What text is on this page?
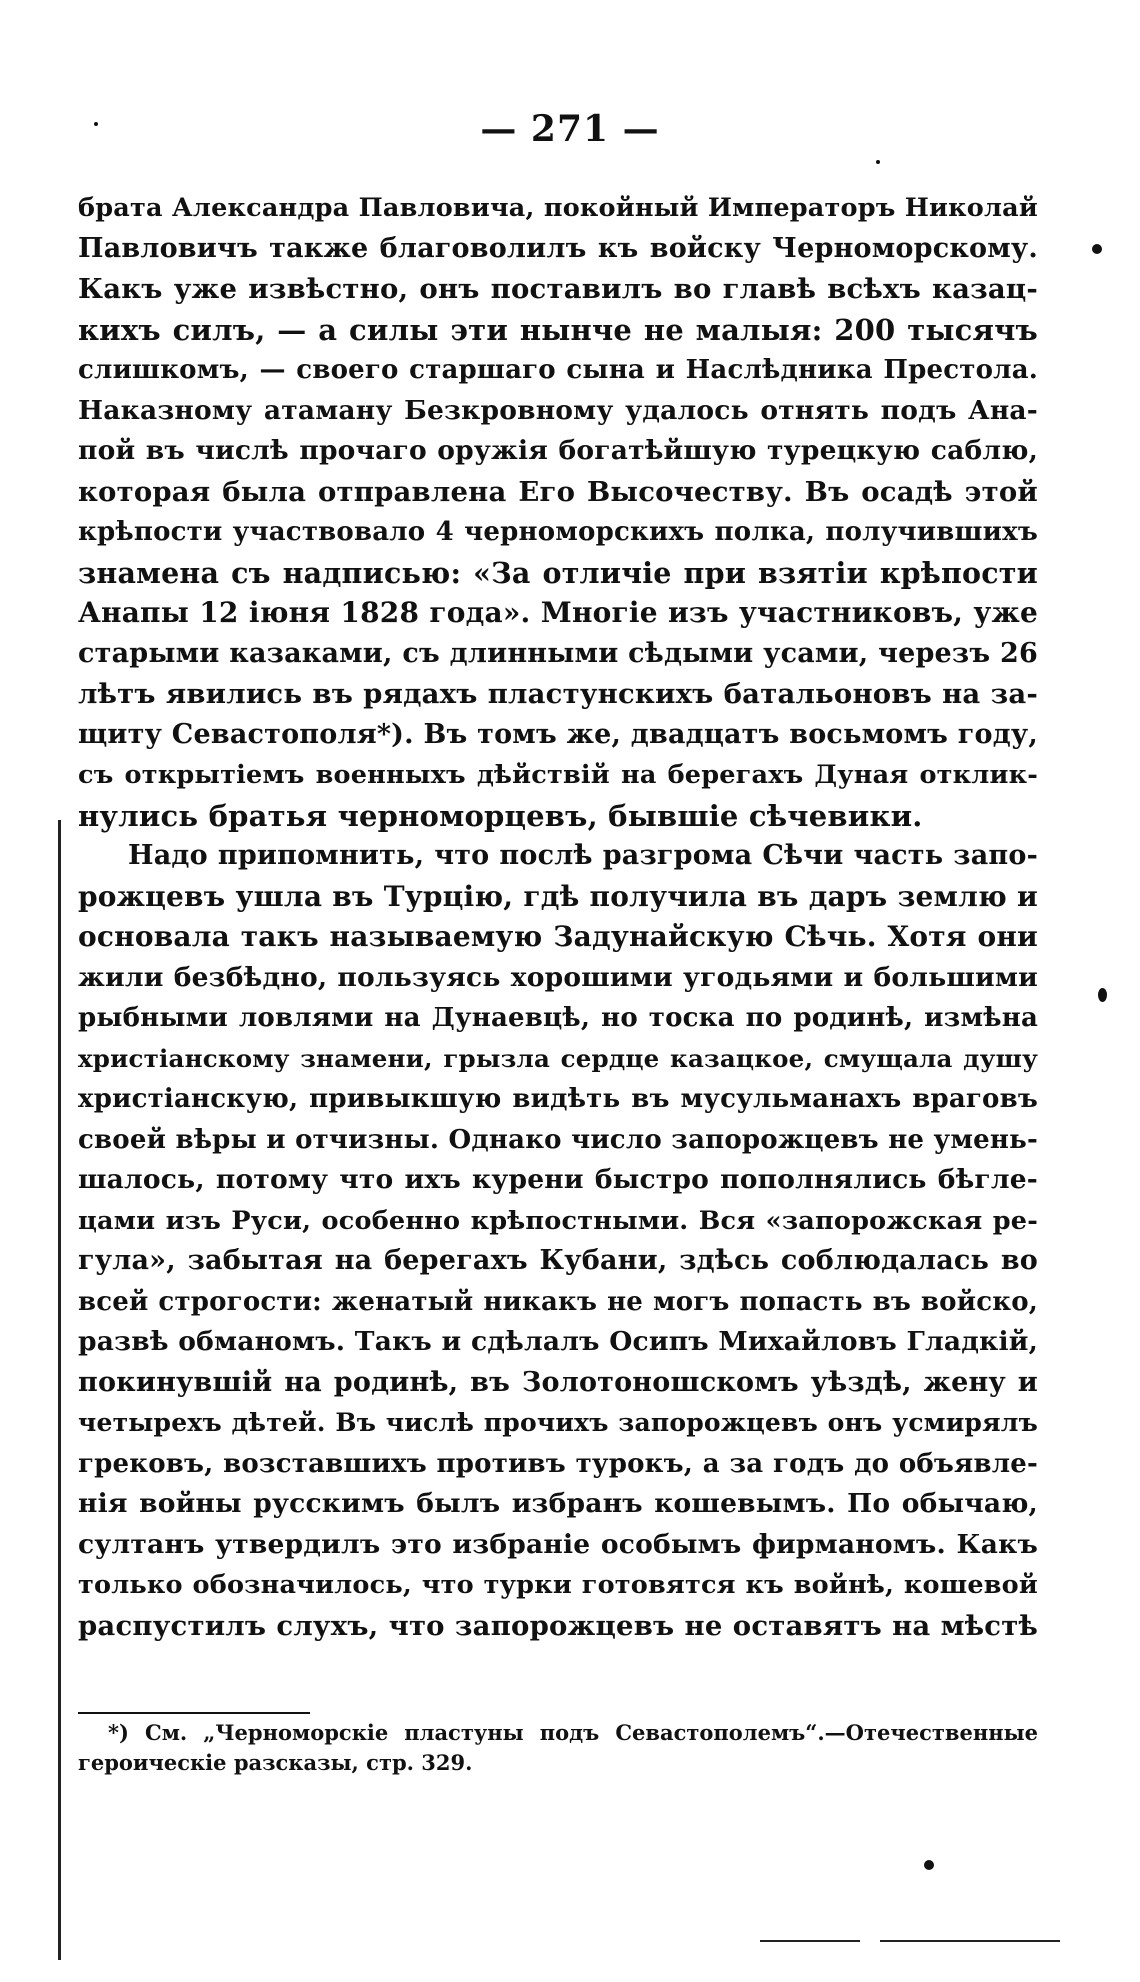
— 271 —
брата Александра Павловича, покойный Императоръ Николай
Павловичъ также благоволилъ къ войску Черноморскому.
Какъ уже извѣстно, онъ поставилъ во главѣ всѣхъ казац-
кихъ силъ, — а силы эти нынче не малыя: 200 тысячъ
слишкомъ, — своего старшаго сына и Наслѣдника Престола.
Наказному атаману Безкровному удалось отнять подъ Ана-
пой въ числѣ прочаго оружія богатѣйшую турецкую саблю,
которая была отправлена Его Высочеству. Въ осадѣ этой
крѣпости участвовало 4 черноморскихъ полка, получившихъ
знамена съ надписью: «За отличіе при взятіи крѣпости
Анапы 12 іюня 1828 года». Многіе изъ участниковъ, уже
старыми казаками, съ длинными сѣдыми усами, черезъ 26
лѣтъ явились въ рядахъ пластунскихъ батальоновъ на за-
щиту Севастополя*). Въ томъ же, двадцатъ восьмомъ году,
съ открытіемъ военныхъ дѣйствій на берегахъ Дуная отклик-
нулись братья черноморцевъ, бывшіе сѣчевики.
Надо припомнить, что послѣ разгрома Сѣчи часть запо-
рожцевъ ушла въ Турцію, гдѣ получила въ даръ землю и
основала такъ называемую Задунайскую Сѣчь. Хотя они
жили безбѣдно, пользуясь хорошими угодьями и большими
рыбными ловлями на Дунаевцѣ, но тоска по родинѣ, измѣна
христіанскому знамени, грызла сердце казацкое, смущала душу
христіанскую, привыкшую видѣть въ мусульманахъ враговъ
своей вѣры и отчизны. Однако число запорожцевъ не умень-
шалось, потому что ихъ курени быстро пополнялись бѣгле-
цами изъ Руси, особенно крѣпостными. Вся «запорожская ре-
гула», забытая на берегахъ Кубани, здѣсь соблюдалась во
всей строгости: женатый никакъ не могъ попасть въ войско,
развѣ обманомъ. Такъ и сдѣлалъ Осипъ Михайловъ Гладкій,
покинувшій на родинѣ, въ Золотоношскомъ уѣздѣ, жену и
четырехъ дѣтей. Въ числѣ прочихъ запорожцевъ онъ усмирялъ
грековъ, возставшихъ противъ турокъ, а за годъ до объявле-
нія войны русскимъ былъ избранъ кошевымъ. По обычаю,
султанъ утвердилъ это избраніе особымъ фирманомъ. Какъ
только обозначилось, что турки готовятся къ войнѣ, кошевой
распустилъ слухъ, что запорожцевъ не оставятъ на мѣстѣ
*) См. „Черноморскіе пластуны подъ Севастополемъ“.—Отечественные
героическіе разсказы, стр. 329.
